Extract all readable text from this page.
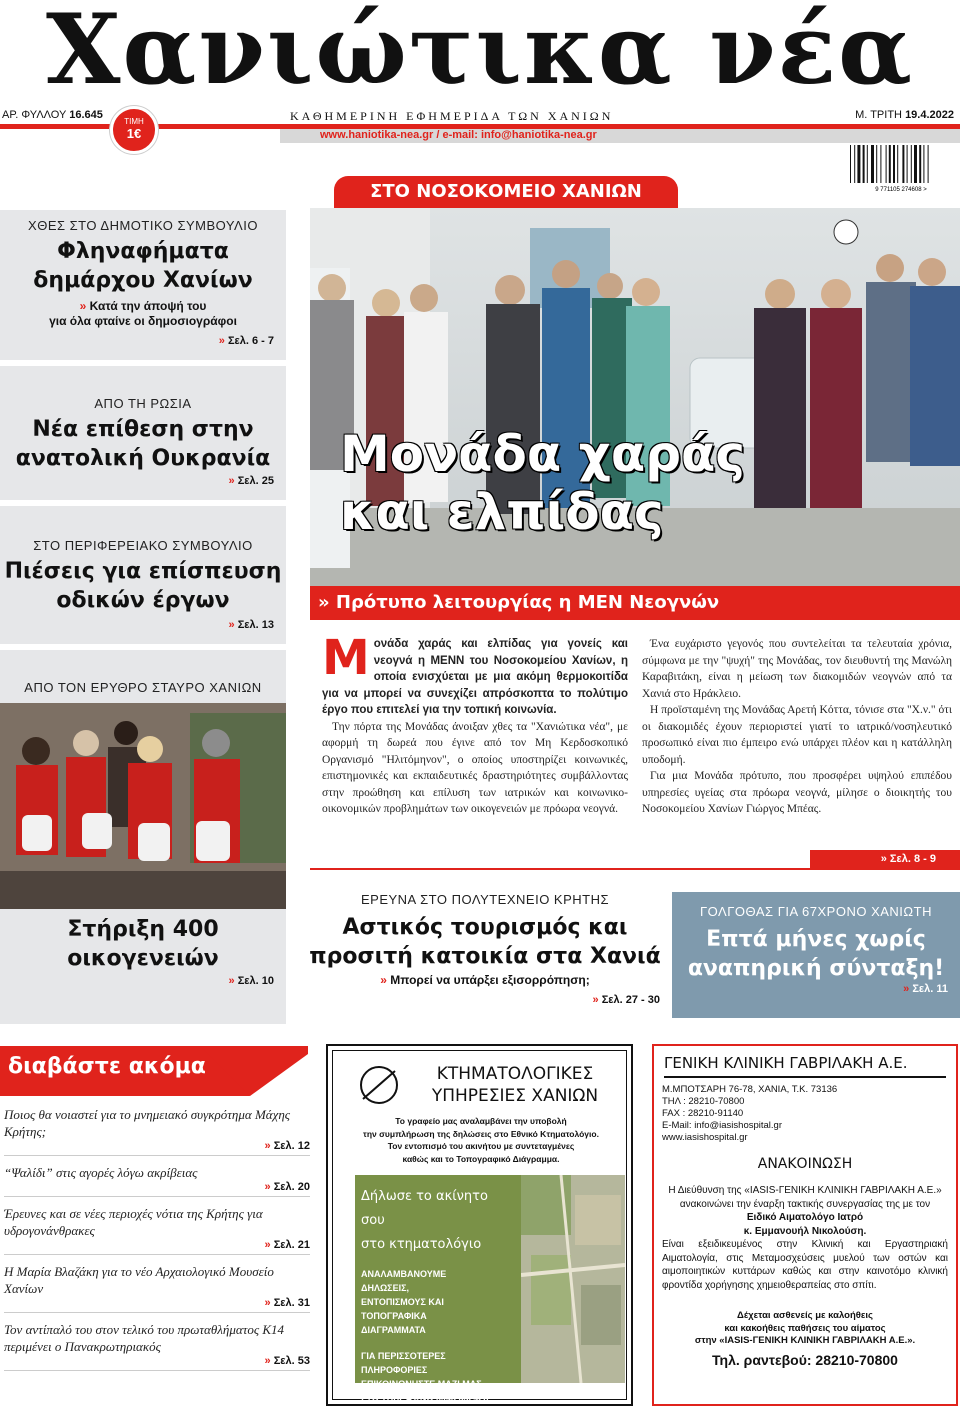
Χανιώτικα νέα
ΑΡ. ΦΥΛΛΟΥ 16.645	ΚΑΘΗΜΕΡΙΝΗ ΕΦΗΜΕΡΙΔΑ ΤΩΝ ΧΑΝΙΩΝ	Μ. ΤΡΙΤΗ 19.4.2022
www.haniotika-nea.gr / e-mail: info@haniotika-nea.gr
ΤΙΜΗ
1€
9 771105 274608 >
ΧΘΕΣ ΣΤΟ ΔΗΜΟΤΙΚΟ ΣΥΜΒΟΥΛΙΟ
Φληναφήματα
δημάρχου Χανίων
» Κατά την άποψή του
για όλα φταίνε οι δημοσιογράφοι
» Σελ. 6 - 7
ΑΠΟ ΤΗ ΡΩΣΙΑ
Νέα επίθεση στην
ανατολική Ουκρανία
» Σελ. 25
ΣΤΟ ΠΕΡΙΦΕΡΕΙΑΚΟ ΣΥΜΒΟΥΛΙΟ
Πιέσεις για επίσπευση
οδικών έργων
» Σελ. 13
ΑΠΟ ΤΟΝ ΕΡΥΘΡΟ ΣΤΑΥΡΟ ΧΑΝΙΩΝ
Στήριξη 400
οικογενειών
» Σελ. 10
ΣΤΟ ΝΟΣΟΚΟΜΕΙΟ ΧΑΝΙΩΝ
Μονάδα χαράς
και ελπίδας
» Πρότυπο λειτουργίας η ΜΕΝ Νεογνών
Μονάδα χαράς και ελπίδας για γονείς και νεογνά η ΜΕΝΝ του Νοσοκομείου Χανίων, η οποία ενισχύεται με μια ακόμη θερμοκοιτίδα για να μπορεί να συνεχίζει απρόσκοπτα το πολύτιμο έργο που επιτελεί για την τοπική κοινωνία.

Την πόρτα της Μονάδας άνοιξαν χθες τα "Χανιώτικα νέα", με αφορμή τη δωρεά που έγινε από τον Μη Κερδοσκοπικό Οργανισμό "Ηλιτόμηνον", ο οποίος υποστηρίζει κοινωνικές, επιστημονικές και εκπαιδευτικές δραστηριότητες συμβάλλοντας στην προώθηση και επίλυση των ιατρικών και κοινωνικο-οικονομικών προβλημάτων των οικογενειών με πρόωρα νεογνά.

Ένα ευχάριστο γεγονός που συντελείται τα τελευταία χρόνια, σύμφωνα με την "ψυχή" της Μονάδας, τον διευθυντή της Μανώλη Καραβιτάκη, είναι η μείωση των διακομιδών νεογνών από τα Χανιά στο Ηράκλειο.

Η προϊσταμένη της Μονάδας Αρετή Κόττα, τόνισε στα "Χ.ν." ότι οι διακομιδές έχουν περιοριστεί γιατί το ιατρικό/νοσηλευτικό προσωπικό είναι πιο έμπειρο ενώ υπάρχει πλέον και η κατάλληλη υποδομή.

Για μια Μονάδα πρότυπο, που προσφέρει υψηλού επιπέδου υπηρεσίες υγείας στα πρόωρα νεογνά, μίλησε ο διοικητής του Νοσοκομείου Χανίων Γιώργος Μπέας.

» Σελ. 8 - 9
ΕΡΕΥΝΑ ΣΤΟ ΠΟΛΥΤΕΧΝΕΙΟ ΚΡΗΤΗΣ
Αστικός τουρισμός και
προσιτή κατοικία στα Χανιά
» Μπορεί να υπάρξει εξισορρόπηση;
» Σελ. 27 - 30
ΓΟΛΓΟΘΑΣ ΓΙΑ 67ΧΡΟΝΟ ΧΑΝΙΩΤΗ
Επτά μήνες χωρίς
αναπηρική σύνταξη!
» Σελ. 11
διαβάστε ακόμα
Ποιος θα νοιαστεί για το μνημειακό συγκρότημα Μάχης Κρήτης;
» Σελ. 12
“Ψαλίδι” στις αγορές λόγω ακρίβειας
» Σελ. 20
Έρευνες και σε νέες περιοχές νότια της Κρήτης για υδρογονάνθρακες
» Σελ. 21
Η Μαρία Βλαζάκη για το νέο Αρχαιολογικό Μουσείο Χανίων
» Σελ. 31
Τον αντίπαλό του στον τελικό του πρωταθλήματος Κ14 περιμένει ο Πανακρωτηριακός
» Σελ. 53
ΚΤΗΜΑΤΟΛΟΓΙΚΕΣ
ΥΠΗΡΕΣΙΕΣ ΧΑΝΙΩΝ
Το γραφείο μας αναλαμβάνει την υποβολή
την συμπλήρωση της δηλώσεις στο Εθνικό Κτηματολόγιο.
Τον εντοπισμό του ακινήτου με συντεταγμένες
καθώς και το Τοπογραφικό Διάγραμμα.
Δήλωσε το ακίνητο σου
στο κτηματολόγιο
ΑΝΑΛΑΜΒΑΝΟΥΜΕ
ΔΗΛΩΣΕΙΣ,
ΕΝΤΟΠΙΣΜΟΥΣ ΚΑΙ
ΤΟΠΟΓΡΑΦΙΚΑ
ΔΙΑΓΡΑΜΜΑΤΑ
ΓΙΑ ΠΕΡΙΣΣΟΤΕΡΕΣ
ΠΛΗΡΟΦΟΡΙΕΣ
ΕΠΙΚΟΙΝΩΝΗΣΤΕ ΜΑΖΙ ΜΑΣ
ΣΤΟ ΤΗΛΕΦΩΝΟ 6945 652428
ΓΕΝΙΚΗ ΚΛΙΝΙΚΗ ΓΑΒΡΙΛΑΚΗ Α.Ε.
Μ.ΜΠΟΤΣΑΡΗ 76-78, ΧΑΝΙΑ, Τ.Κ. 73136
ΤΗΛ : 28210-70800
FAX : 28210-91140
E-Mail: info@iasishospital.gr
www.iasishospital.gr
ΑΝΑΚΟΙΝΩΣΗ
Η Διεύθυνση της «IASIS-ΓΕΝΙΚΗ ΚΛΙΝΙΚΗ ΓΑΒΡΙΛΑΚΗ Α.Ε.» ανακοινώνει την έναρξη τακτικής συνεργασίας της με τον
Ειδικό Αιματολόγο Ιατρό
κ. Εμμανουήλ Νικολούση.
Είναι εξειδικευμένος στην Κλινική και Εργαστηριακή Αιματολογία, στις Μεταμοσχεύσεις μυελού των οστών και αιμοποιητικών κυττάρων καθώς και στην καινοτόμο κλινική φροντίδα χορήγησης χημειοθεραπείας στο σπίτι.
Δέχεται ασθενείς με καλοήθεις
και κακοήθεις παθήσεις του αίματος
στην «IASIS-ΓΕΝΙΚΗ ΚΛΙΝΙΚΗ ΓΑΒΡΙΛΑΚΗ Α.Ε.».
Τηλ. ραντεβού: 28210-70800
